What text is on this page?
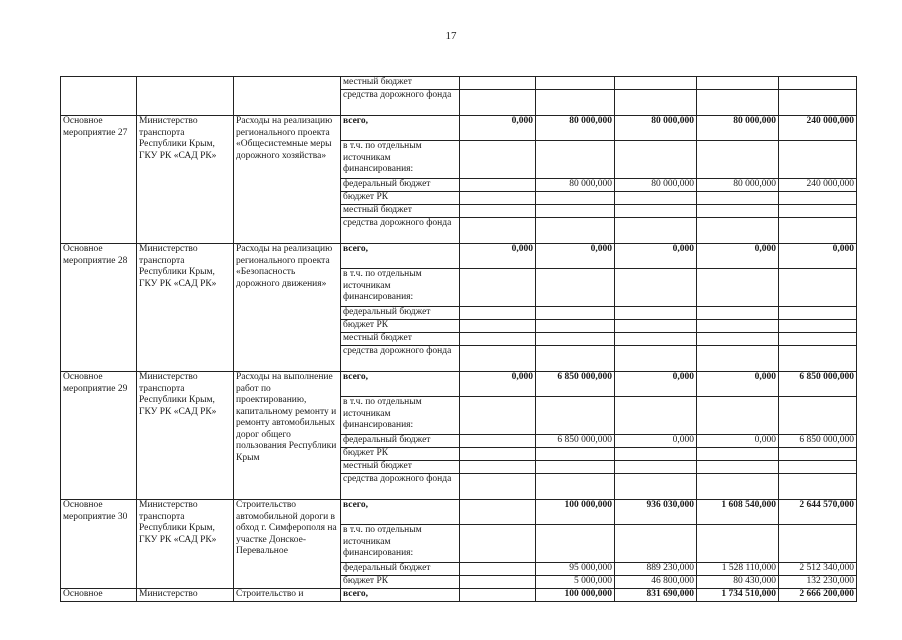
17
			местный бюджет					
			средства дорожного фонда					
Основное мероприятие 27	Министерство транспорта Республики Крым, ГКУ РК «САД РК»	Расходы на реализацию регионального проекта «Общесистемные меры дорожного хозяйства»	всего,	0,000	80 000,000	80 000,000	80 000,000	240 000,000
			в т.ч. по отдельным источникам финансирования:					
			федеральный бюджет		80 000,000	80 000,000	80 000,000	240 000,000
			бюджет РК					
			местный бюджет					
			средства дорожного фонда					
Основное мероприятие 28	Министерство транспорта Республики Крым, ГКУ РК «САД РК»	Расходы на реализацию регионального проекта «Безопасность дорожного движения»	всего,	0,000	0,000	0,000	0,000	0,000
			в т.ч. по отдельным источникам финансирования:					
			федеральный бюджет					
			бюджет РК					
			местный бюджет					
			средства дорожного фонда					
Основное мероприятие 29	Министерство транспорта Республики Крым, ГКУ РК «САД РК»	Расходы на выполнение работ по проектированию, капитальному ремонту и ремонту автомобильных дорог общего пользования Республики Крым	всего,	0,000	6 850 000,000	0,000	0,000	6 850 000,000
			в т.ч. по отдельным источникам финансирования:					
			федеральный бюджет		6 850 000,000	0,000	0,000	6 850 000,000
			бюджет РК					
			местный бюджет					
			средства дорожного фонда					
Основное мероприятие 30	Министерство транспорта Республики Крым, ГКУ РК «САД РК»	Строительство автомобильной дороги в обход г. Симферополя на участке Донское-Перевальное	всего,		100 000,000	936 030,000	1 608 540,000	2 644 570,000
			в т.ч. по отдельным источникам финансирования:					
			федеральный бюджет		95 000,000	889 230,000	1 528 110,000	2 512 340,000
			бюджет РК		5 000,000	46 800,000	80 430,000	132 230,000
Основное	Министерство	Строительство и	всего,		100 000,000	831 690,000	1 734 510,000	2 666 200,000
